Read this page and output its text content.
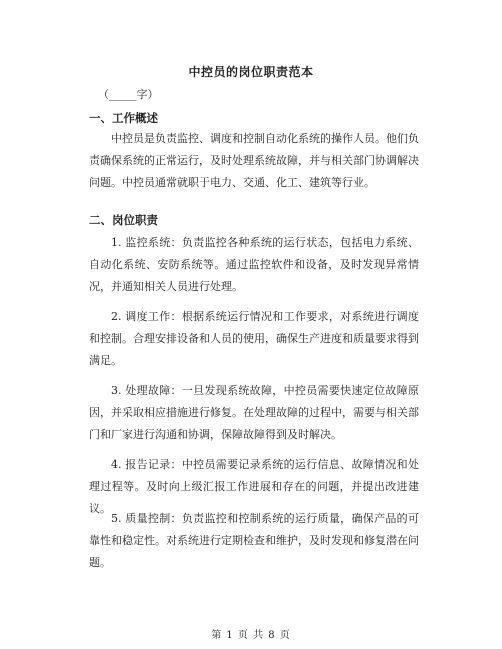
中控员的岗位职责范本
（_____字）
一、工作概述

中控员是负责监控、调度和控制自动化系统的操作人员。他们负责确保系统的正常运行，及时处理系统故障，并与相关部门协调解决问题。中控员通常就职于电力、交通、化工、建筑等行业。

二、岗位职责

1. 监控系统：负责监控各种系统的运行状态，包括电力系统、自动化系统、安防系统等。通过监控软件和设备，及时发现异常情况，并通知相关人员进行处理。

2. 调度工作：根据系统运行情况和工作要求，对系统进行调度和控制。合理安排设备和人员的使用，确保生产进度和质量要求得到满足。

3. 处理故障：一旦发现系统故障，中控员需要快速定位故障原因，并采取相应措施进行修复。在处理故障的过程中，需要与相关部门和厂家进行沟通和协调，保障故障得到及时解决。

4. 报告记录：中控员需要记录系统的运行信息、故障情况和处理过程等。及时向上级汇报工作进展和存在的问题，并提出改进建议。

5. 质量控制：负责监控和控制系统的运行质量，确保产品的可靠性和稳定性。对系统进行定期检查和维护，及时发现和修复潜在问题。

第 1 页 共 8 页
